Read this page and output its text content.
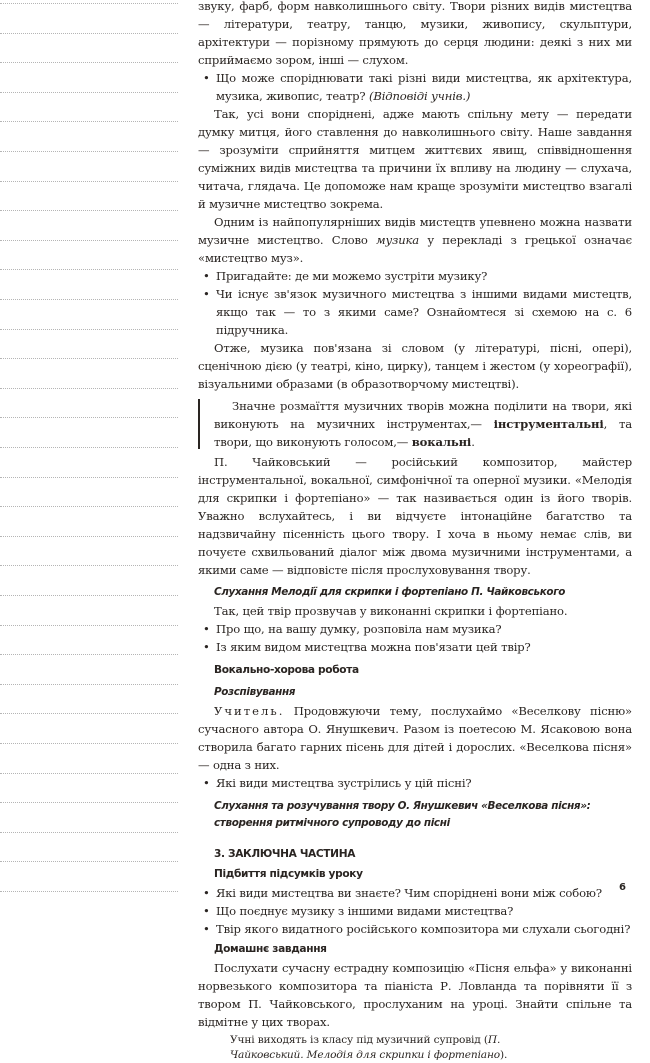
звуку, фарб, форм навколишнього світу. Твори різних видів мистецтва — літератури, театру, танцю, музики, живопису, скульптури, архітектури — порізному прямують до серця людини: деякі з них ми сприймаємо зором, інші — слухом.

• Що може споріднювати такі різні види мистецтва, як архітектура, музика, живопис, театр? (Відповіді учнів.)

Так, усі вони споріднені, адже мають спільну мету — передати думку митця, його ставлення до навколишнього світу. Наше завдання — зрозуміти сприйняття митцем життєвих явищ, співвідношення суміжних видів мистецтва та причини їх впливу на людину — слухача, читача, глядача. Це допоможе нам краще зрозуміти мистецтво взагалі й музичне мистецтво зокрема.

Одним із найпопулярніших видів мистецтв упевнено можна назвати музичне мистецтво. Слово музика у перекладі з грецької означає «мистецтво муз».

• Пригадайте: де ми можемо зустріти музику?

• Чи існує зв'язок музичного мистецтва з іншими видами мистецтв, якщо так — то з якими саме? Ознайомтеся зі схемою на с. 6 підручника.

Отже, музика пов'язана зі словом (у літературі, пісні, опері), сценічною дією (у театрі, кіно, цирку), танцем і жестом (у хореографії), візуальними образами (в образотворчому мистецтві).

Значне розмаїття музичних творів можна поділити на твори, які виконують на музичних інструментах,— інструментальні, та твори, що виконують голосом,— вокальні.

П. Чайковський — російський композитор, майстер інструментальної, вокальної, симфонічної та оперної музики. «Мелодія для скрипки і фортепіано» — так називається один із його творів. Уважно вслухайтесь, і ви відчуєте інтонаційне багатство та надзвичайну пісенність цього твору. І хоча в ньому немає слів, ви почуєте схвильований діалог між двома музичними інструментами, а якими саме — відповісте після прослуховування твору.

Слухання Мелодії для скрипки і фортепіано П. Чайковського

Так, цей твір прозвучав у виконанні скрипки і фортепіано.

• Про що, на вашу думку, розповіла нам музика?

• Із яким видом мистецтва можна пов'язати цей твір?

Вокально-хорова робота
Розспівування

Учитель. Продовжуючи тему, послухаймо «Веселкову пісню» сучасного автора О. Янушкевич. Разом із поетесою М. Ясаковою вона створила багато гарних пісень для дітей і дорослих. «Веселкова пісня» — одна з них.

• Які види мистецтва зустрілись у цій пісні?

Слухання та розучування твору О. Янушкевич «Веселкова пісня»:
створення ритмічного супроводу до пісні
3. ЗАКЛЮЧНА ЧАСТИНА
Підбиття підсумків уроку

• Які види мистецтва ви знаєте? Чим споріднені вони між собою?

• Що поєднує музику з іншими видами мистецтва?

• Твір якого видатного російського композитора ми слухали сьогодні?

Домашнє завдання

Послухати сучасну естрадну композицію «Пісня ельфа» у виконанні норвезького композитора та піаніста Р. Ловланда та порівняти її з твором П. Чайковського, прослуханим на уроці. Знайти спільне та відмітне у цих творах.

Учні виходять із класу під музичний супровід (П. Чайковський. Мелодія для скрипки і фортепіано).

6
